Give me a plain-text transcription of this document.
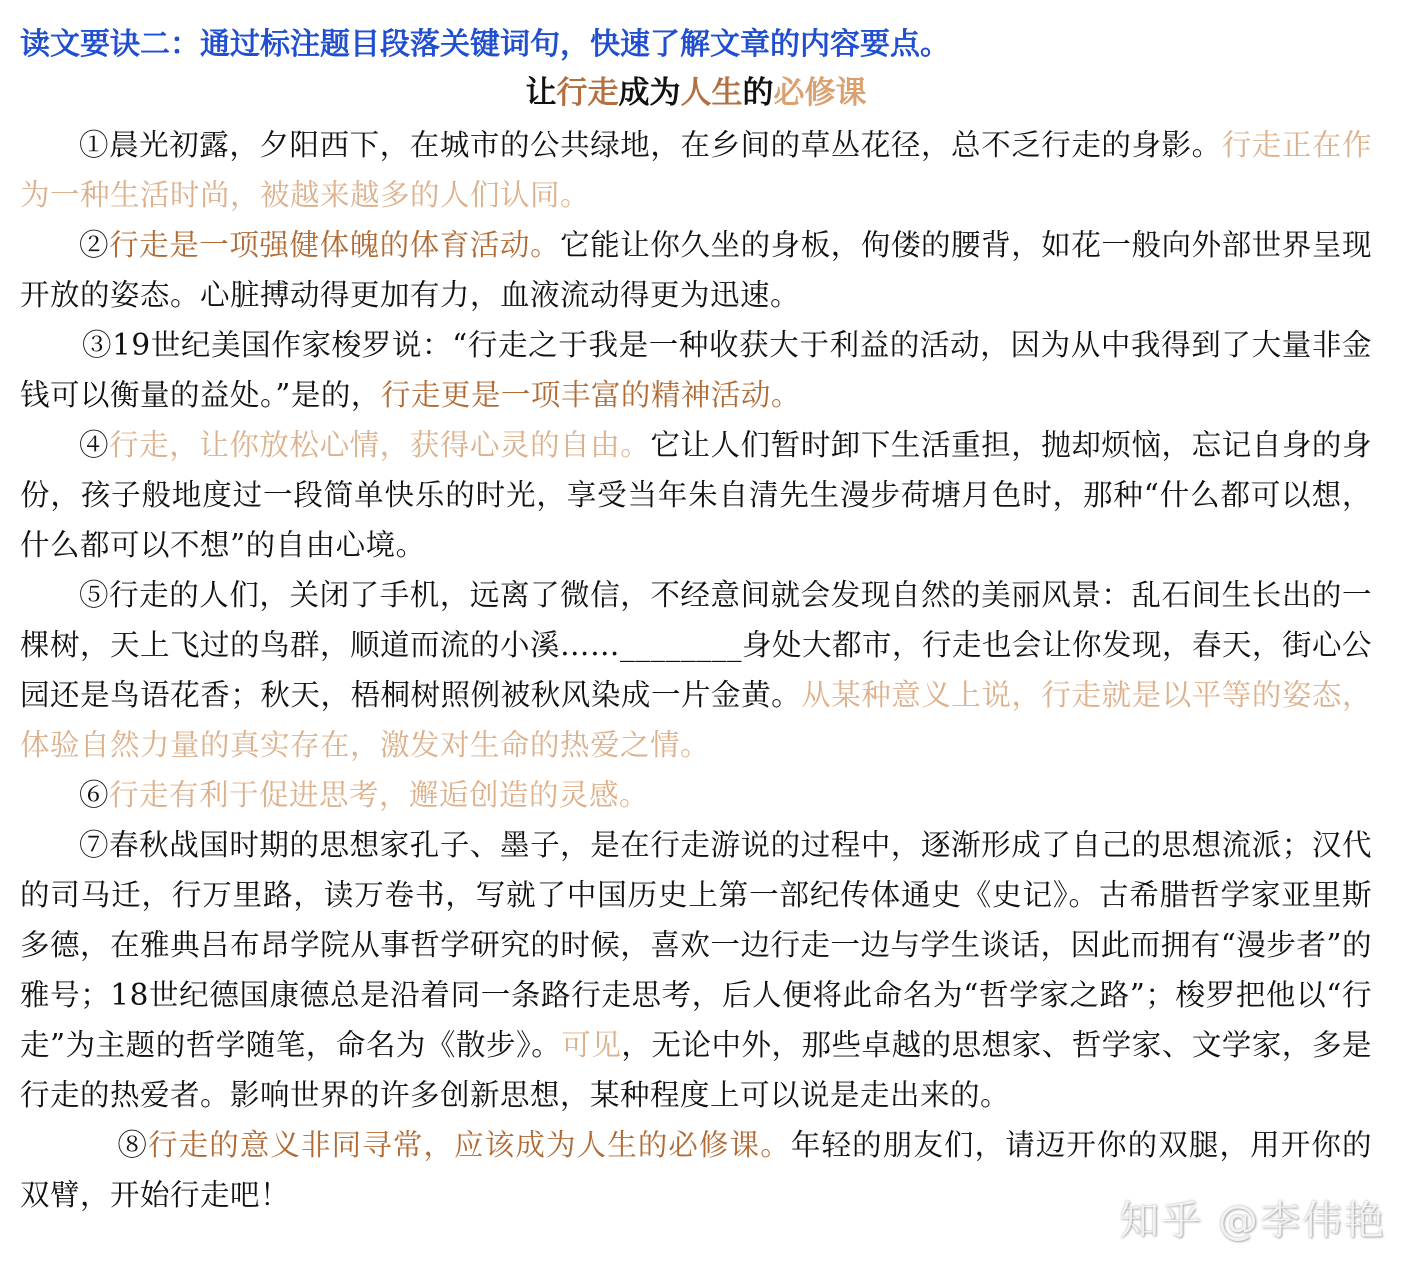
读文要诀二：通过标注题目段落关键词句，快速了解文章的内容要点。
让行走成为人生的必修课

①晨光初露，夕阳西下，在城市的公共绿地，在乡间的草丛花径，总不乏行走的身影。行走正在作为一种生活时尚，被越来越多的人们认同。

②行走是一项强健体魄的体育活动。它能让你久坐的身板，佝偻的腰背，如花一般向外部世界呈现开放的姿态。心脏搏动得更加有力，血液流动得更为迅速。

③19世纪美国作家梭罗说：“行走之于我是一种收获大于利益的活动，因为从中我得到了大量非金钱可以衡量的益处。”是的，行走更是一项丰富的精神活动。

④行走，让你放松心情，获得心灵的自由。它让人们暂时卸下生活重担，抛却烦恼，忘记自身的身份，孩子般地度过一段简单快乐的时光，享受当年朱自清先生漫步荷塘月色时，那种“什么都可以想，什么都可以不想”的自由心境。

⑤行走的人们，关闭了手机，远离了微信，不经意间就会发现自然的美丽风景：乱石间生长出的一棵树，天上飞过的鸟群，顺道而流的小溪……________身处大都市，行走也会让你发现，春天，街心公园还是鸟语花香；秋天，梧桐树照例被秋风染成一片金黄。从某种意义上说，行走就是以平等的姿态，体验自然力量的真实存在，激发对生命的热爱之情。

⑥行走有利于促进思考，邂逅创造的灵感。

⑦春秋战国时期的思想家孔子、墨子，是在行走游说的过程中，逐渐形成了自己的思想流派；汉代的司马迁，行万里路，读万卷书，写就了中国历史上第一部纪传体通史《史记》。古希腊哲学家亚里斯多德，在雅典吕布昂学院从事哲学研究的时候，喜欢一边行走一边与学生谈话，因此而拥有“漫步者”的雅号；18世纪德国康德总是沿着同一条路行走思考，后人便将此命名为“哲学家之路”；梭罗把他以“行走”为主题的哲学随笔，命名为《散步》。可见，无论中外，那些卓越的思想家、哲学家、文学家，多是行走的热爱者。影响世界的许多创新思想，某种程度上可以说是走出来的。

⑧行走的意义非同寻常，应该成为人生的必修课。年轻的朋友们，请迈开你的双腿，用开你的双臂，开始行走吧！

知乎 @李伟艳
